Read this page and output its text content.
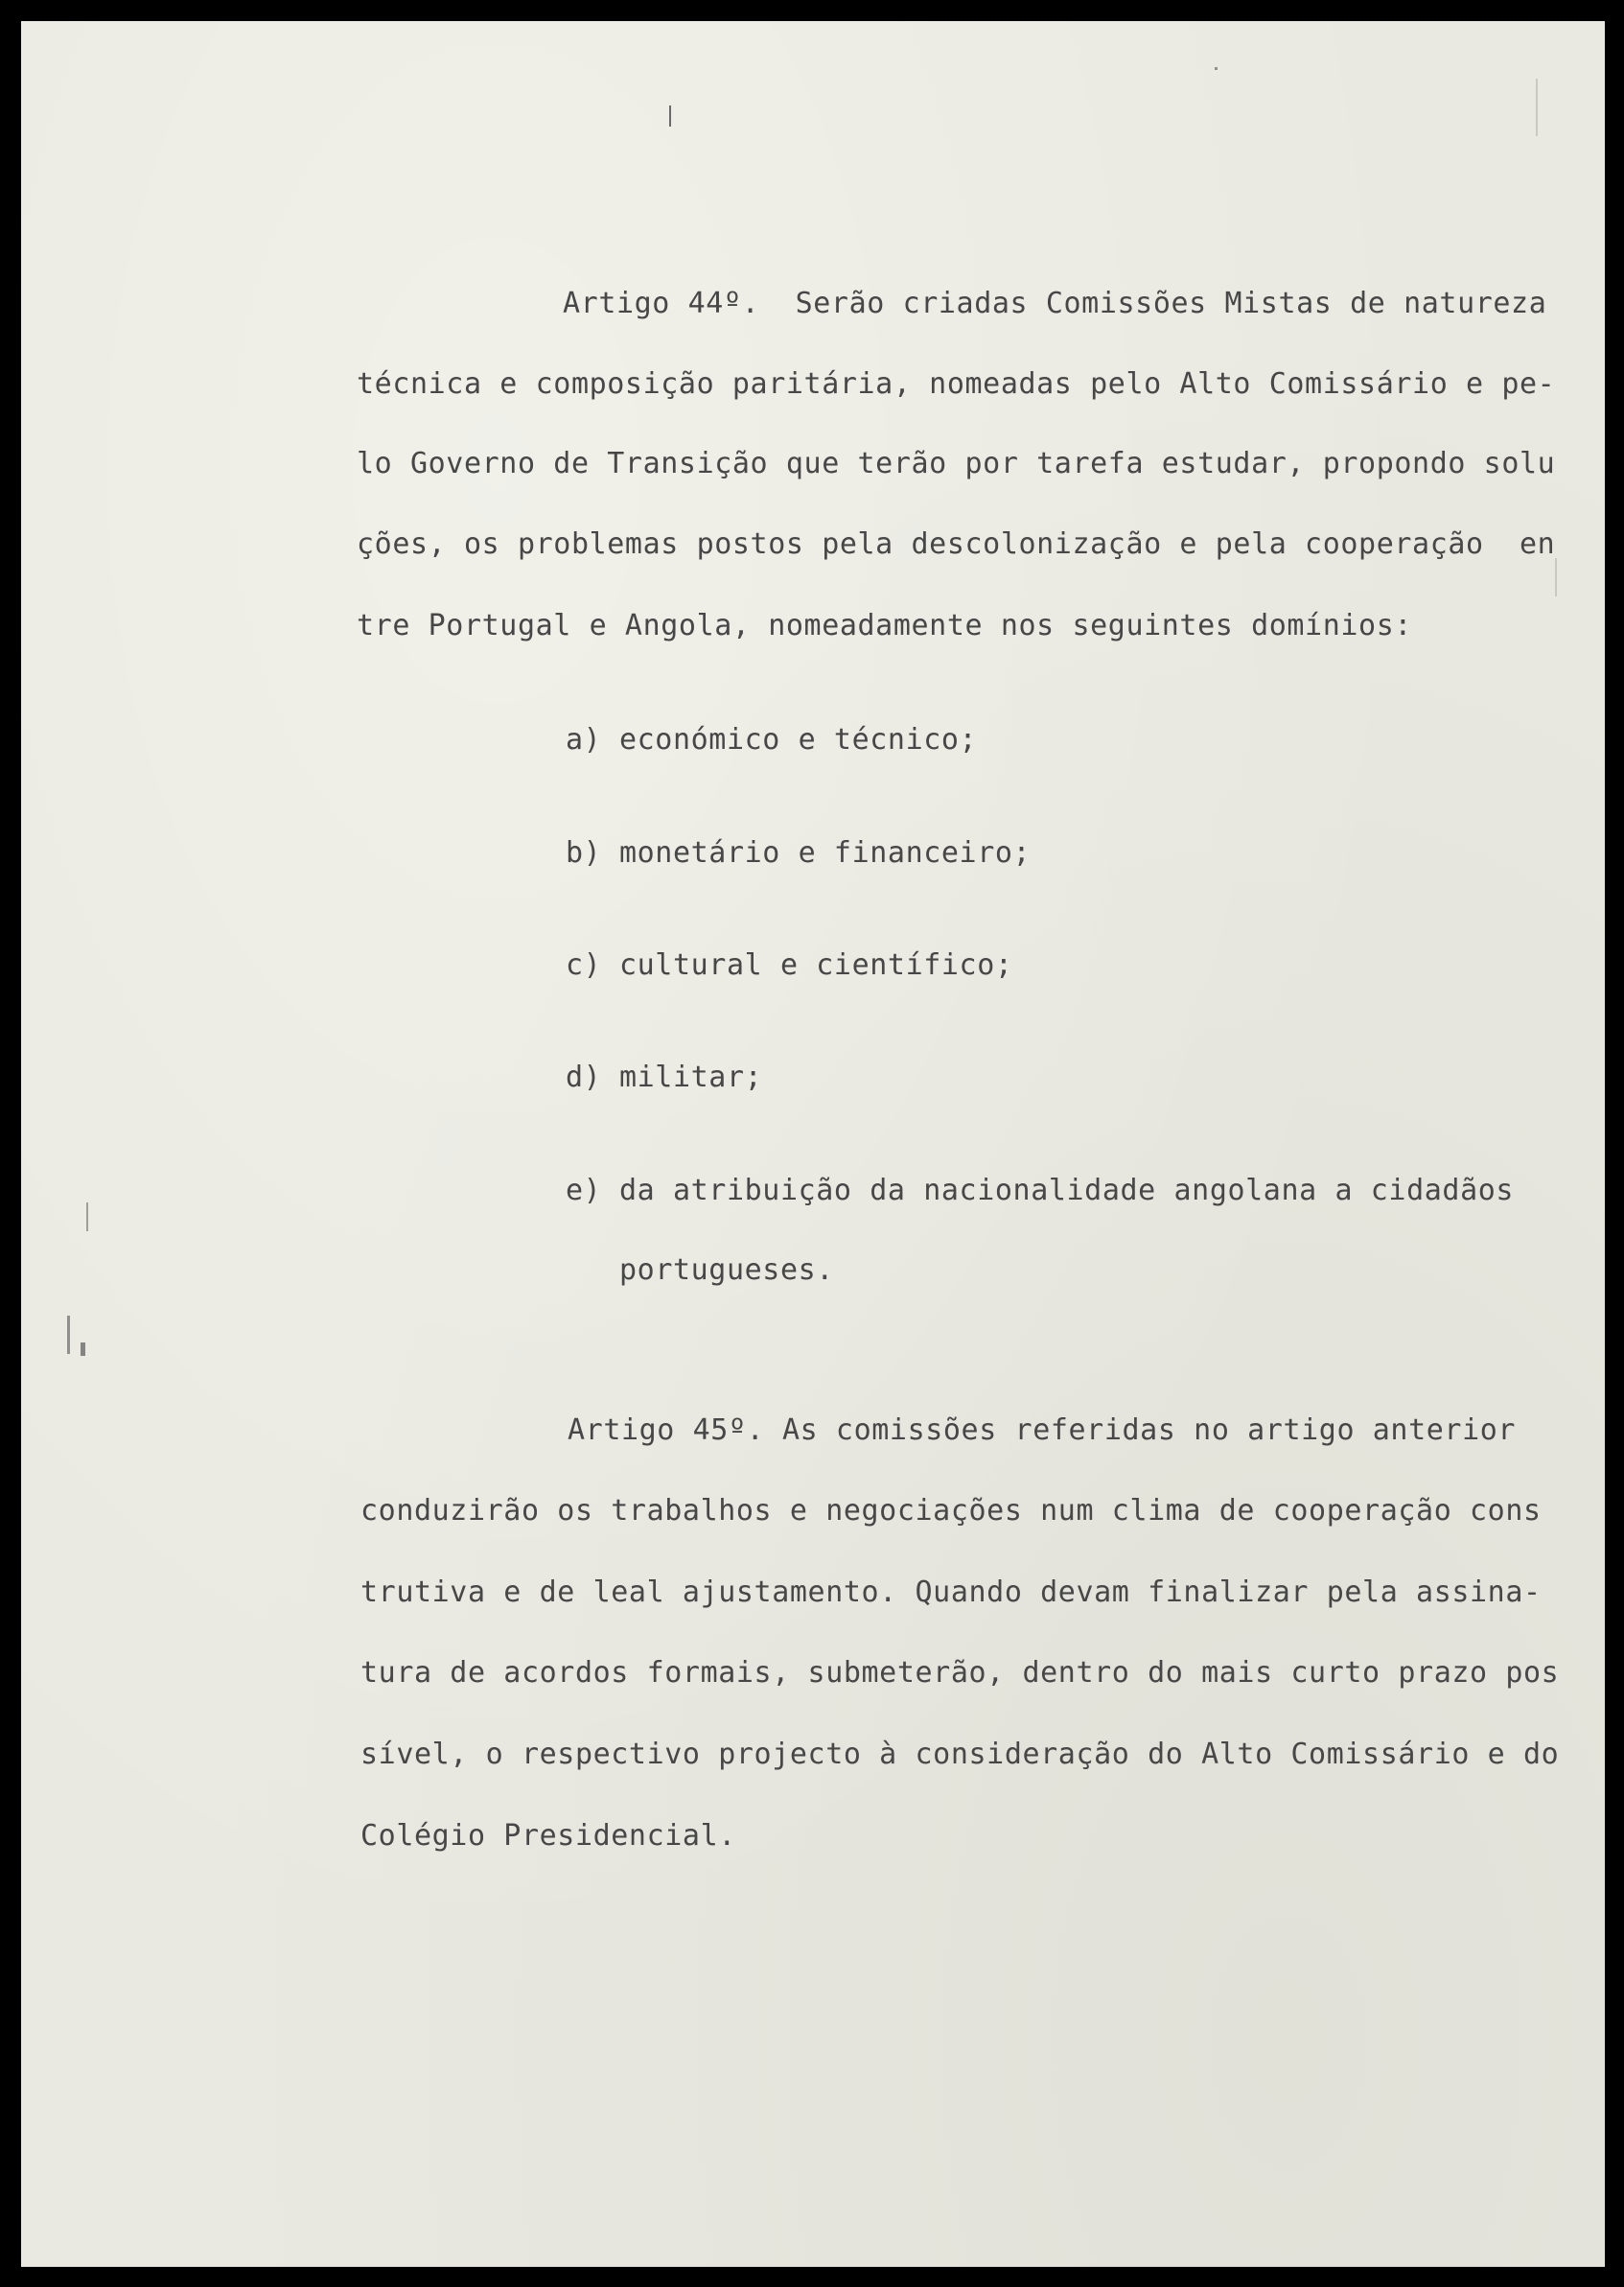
Artigo 44º.  Serão criadas Comissões Mistas de natureza
técnica e composição paritária, nomeadas pelo Alto Comissário e pe-
lo Governo de Transição que terão por tarefa estudar, propondo solu
ções, os problemas postos pela descolonização e pela cooperação  en
tre Portugal e Angola, nomeadamente nos seguintes domínios:
a) económico e técnico;
b) monetário e financeiro;
c) cultural e científico;
d) militar;
e) da atribuição da nacionalidade angolana a cidadãos
portugueses.
Artigo 45º. As comissões referidas no artigo anterior
conduzirão os trabalhos e negociações num clima de cooperação cons
trutiva e de leal ajustamento. Quando devam finalizar pela assina-
tura de acordos formais, submeterão, dentro do mais curto prazo pos
sível, o respectivo projecto à consideração do Alto Comissário e do
Colégio Presidencial.
